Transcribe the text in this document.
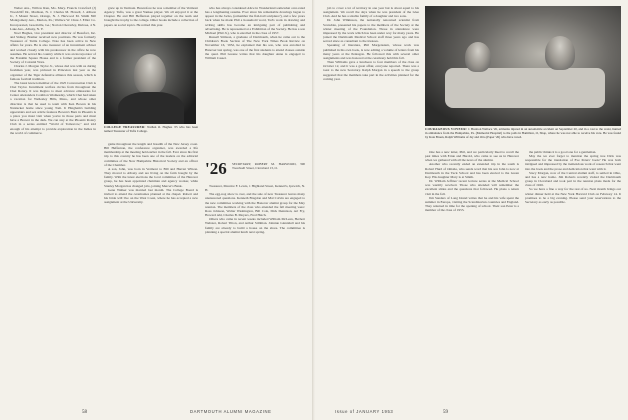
Weber Ave., Willow Run, Mo. Mary. Francis Crawford (J) Woodcliff Dr., Madison, N. J. Charles M. Howell, J. Allison Jr., 3 Mount Street, Orange, N. J. Harwood M. Smith 820 Montgomery Ave., Merion, Pa.; Wallace W. Chuu J. Elliot Co. Incorporated, Greenville, Ga.; Norton Cheverley, Dubosa, 4 N. Lake Ave., Albany, N. Y.

Noel Hughes, vice president and director of Beaufort, Inc. and Sidney, Bremer received new positions. He was formerly Treasurer of Tuttle College. Note has been active in New affairs for years. He is also treasurer of an investment adviser and worked closely with his predecessor in the office he now assumes. He served his country while it was an incorporator of the Franklin Square House and is a former president of the Society of Colonial Wars.

Charles J. Morgan Taylor Jr., whose dad was with us during freshman year, was pictured in Princeton last year as the organizer of the Tiger defensive alliance this season, which is famous football tradition.

The latest known member of the 1925 Conversation Club is Chet Taylor. Incumbent welfare circles from throughout the Chet Rotary. It was Regino to meet advance emissaries for Center Alexanders Coalition Wednesday, which Chet had taken a vacation for Wellesley Hills, Mass., and whose other direction is that he used to team with Ken Bowen in his Nantucket home since young Tom. It Hingham's building upperstairs and sex article features Bowen's Barn in Phoenix is a place you must visit when you're in those parts and must have a Brewer in the dark. We can stay at the Phoenix Rotary Club in a series entitled "World of Tomorrow," and told enough of his attempt to provide exploration in the Indies in the world of commerce.

grew up in Vermont. Heretofore he was a member of the Vermont Agency. Tufts, was a great Yankee player. We all enjoyed it at the Chapter. He and Bill Heffernan played together on the team and brought the trophy to the college. Other books include a collection of papers on social topics. He retired this year.

COLLEGE TREASURER: Nathan O. Hughes '25 who has been named Treasurer of Tufts College.

game throughout the length and breadth of the New Jersey coast. Bill Heffernan, the conference organizer, was awarded a life membership at the meeting held earlier in the fall. Ever since his first trip to this country he has been one of the leaders on the editorial committee of the New Hampshire Historical Society and an officer of the Chamber.

A son, John, was born in Vermont to Bill and Harriet Wilson. They moved to Albany and are living on the farm bought by the family. With the latest elections the local committee of the Hanover group, he has been appointed chairman and agency worker, while Stanley Morgan has changed jobs, joining Mercer's Bank.

Gene Walker was married last month. The College Board is invited to attend the ceremonies planned at the chapel. Robert and his bride will live on the West Coast, where he has accepted a new assignment at the University.

who has always considered Alice in Wonderland somewhat over-rated has a lengthening resume. Ever since his remarkable drawings began to appear in the Jacko, (remember the fish-ball sculpture?), and a few years back when he made Phil a household word, Tad's work in drawing and writing skills has become an intriguing part of publishing and advertising. He is represented at a Exhibition of the Society. He has a son Michael (Phil Jr.), who is enrolled in the class of 1957.

Russell Stimson, a graduate of Dartmouth, when he came out to the Children's Book Section of The New York Times Book Review on November 16, '1952, he explained that his son, who was enrolled in Hanover last spring, was one of the first students to attend classes outside the quad. Phil Greene writes that his daughter Anne is engaged to William Cassel.

'26 SECRETARY, ROBERT M. HARWOOD, 390 Treadwell Street, Cleveland 13, O.

Treasurer, Maurice F. Lewis, 1 Highland Street, Kennett's, Ipswich, N. H.

The egg-nog show is over, and the sale of new Treasurer leaves many unanswered questions. Kenneth Bragdon and Mal Colvin are engaged to the new committee working with the Hanover alumni group for the May reunion. The members of the class who attended the fall meeting were: Ross Johnson, Walter Washington, Bill Cole, Dick Dennison, Art Fry, Howard Ahl, Charles B. Meyers, Fred Hatch.

Others who came in recent weeks included William McLean, Herbert Webster, Robert Tilton, and Arthur Stillman. Johnnie Glennhall and his family are already to build a house on the shore. The committee is planning a special alumni lunch next spring.

58	DARTMOUTH ALUMNI MAGAZINE

job to cover a lot of territory in one year but is about equal to his assignment. We recall the days when he was president of the Glee Club. And he has a sizable family of a daughter and two sons.

Dr. John Wilkinson, the nationally renowned scientist from Scarsdale, presented his papers to the members of the Society at the winter meeting of the Foundation. Those in attendance were impressed by the work which has been under way for many years. He joined the Dartmouth Medical School staff three years ago and has served since as consultant to the trustees.

Speaking of literature, Phil Morgenstern, whose work was published in his own book, is now editing a volume of letters from his many years at the Pentagon. He followed this with several other assignments and was honored at the ceremony held this fall.

Then Williams gave a luncheon to four members of the class on October 12, and it was a great affair, everyone reported. There was a toast to the new Secretary. Ralph Morgan in a speech to the group suggested that the members take part in the activities planned for the coming year.

COURAGEOUS VOYEUR: J. Brenton Wallace '26, artmarks injured in an automobile accident on September 20, and in a cast to the waist, hunted in ambulance from the Hampshire, Pa. (Memorial Hospital) to the polls in Hamilton, O, Shop, where he was not able to receive his vote. He was found by Kate Bruen, Ralph Williams of Jay and Otto (Paper '26) who have voted.

One has a new letter, Phil, and we particularly liked to recall the past times with Ernie and Harold, who came to see us in Hanover when we gathered with all the news of the alumni.

Another who recently ended an extended trip in the south is Robert Hurd of Omaha, who sends word that his son John is now at Dartmouth in the Tuck School and has been elected to the Green Key. His daughter Mary is at Smith.

Dr. William Jeffries' recent lecture series at the Medical School was warmly received. Those who attended will remember the excellent slides and the questions that followed. He plans a return visit in the fall.

Jim Sanders of Long Island writes that he and his wife spent the summer in Europe, visiting the Scandinavian countries and England. They returned in time for the opening of school. Their son Peter is a member of the class of 1955.

the public thinks it is a good one for a gentleman.

May the we ever forget to mention the spring tree Dick was responsible for the translation of Eve Peters' book? He was both intrigued and impressed by the tremendous work of research that went into the book and the prose and dedication that went with it.

Stacy Morgan, now of the Central alumni staff, is settled in Ohio, and has a new home. Jim Roberts recently visited the Dartmouth group in Cleveland and took part in the reunion plans made for the class of 1926.

So we have a fine a way for the rest of us. Next month brings our winter dinner held at the New York Harvard Club on February 14. It promises to be a big evening. Please send your reservations to the Secretary as early as possible.

Issue of JANUARY 1953	59
